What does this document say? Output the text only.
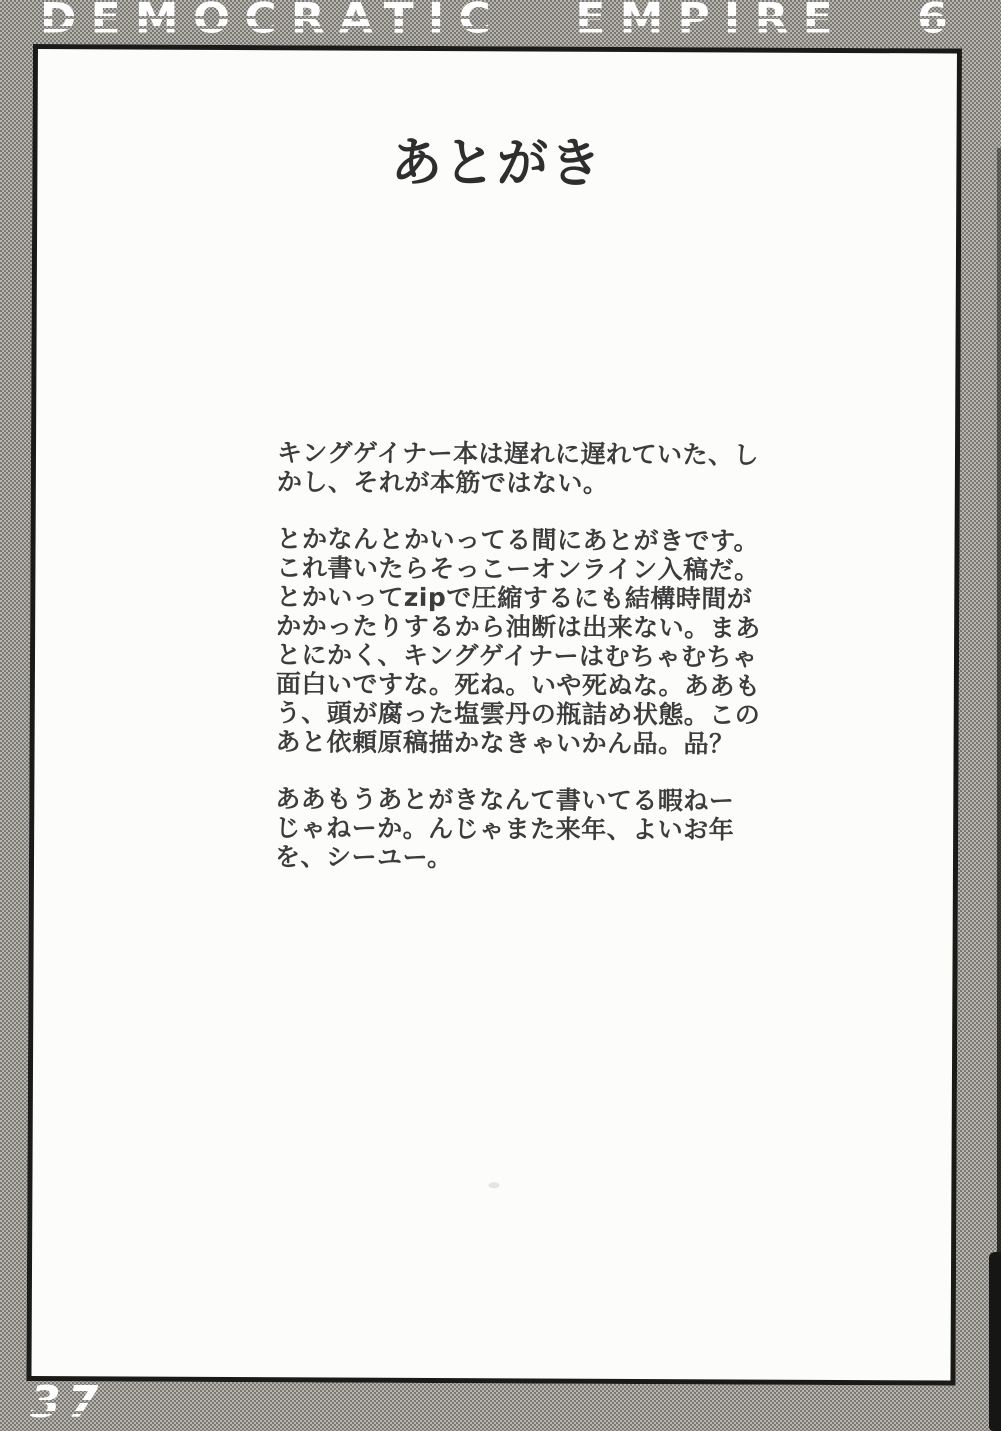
DEMOCRATIC EMPIRE 6
あとがき

キングゲイナー本は遅れに遅れていた、し
かし、それが本筋ではない。

とかなんとかいってる間にあとがきです。
これ書いたらそっこーオンライン入稿だ。
とかいってzipで圧縮するにも結構時間が
かかったりするから油断は出来ない。まあ
とにかく、キングゲイナーはむちゃむちゃ
面白いですな。死ね。いや死ぬな。ああも
う、頭が腐った塩雲丹の瓶詰め状態。この
あと依頼原稿描かなきゃいかん品。品？

ああもうあとがきなんて書いてる暇ねー
じゃねーか。んじゃまた来年、よいお年
を、シーユー。

37
